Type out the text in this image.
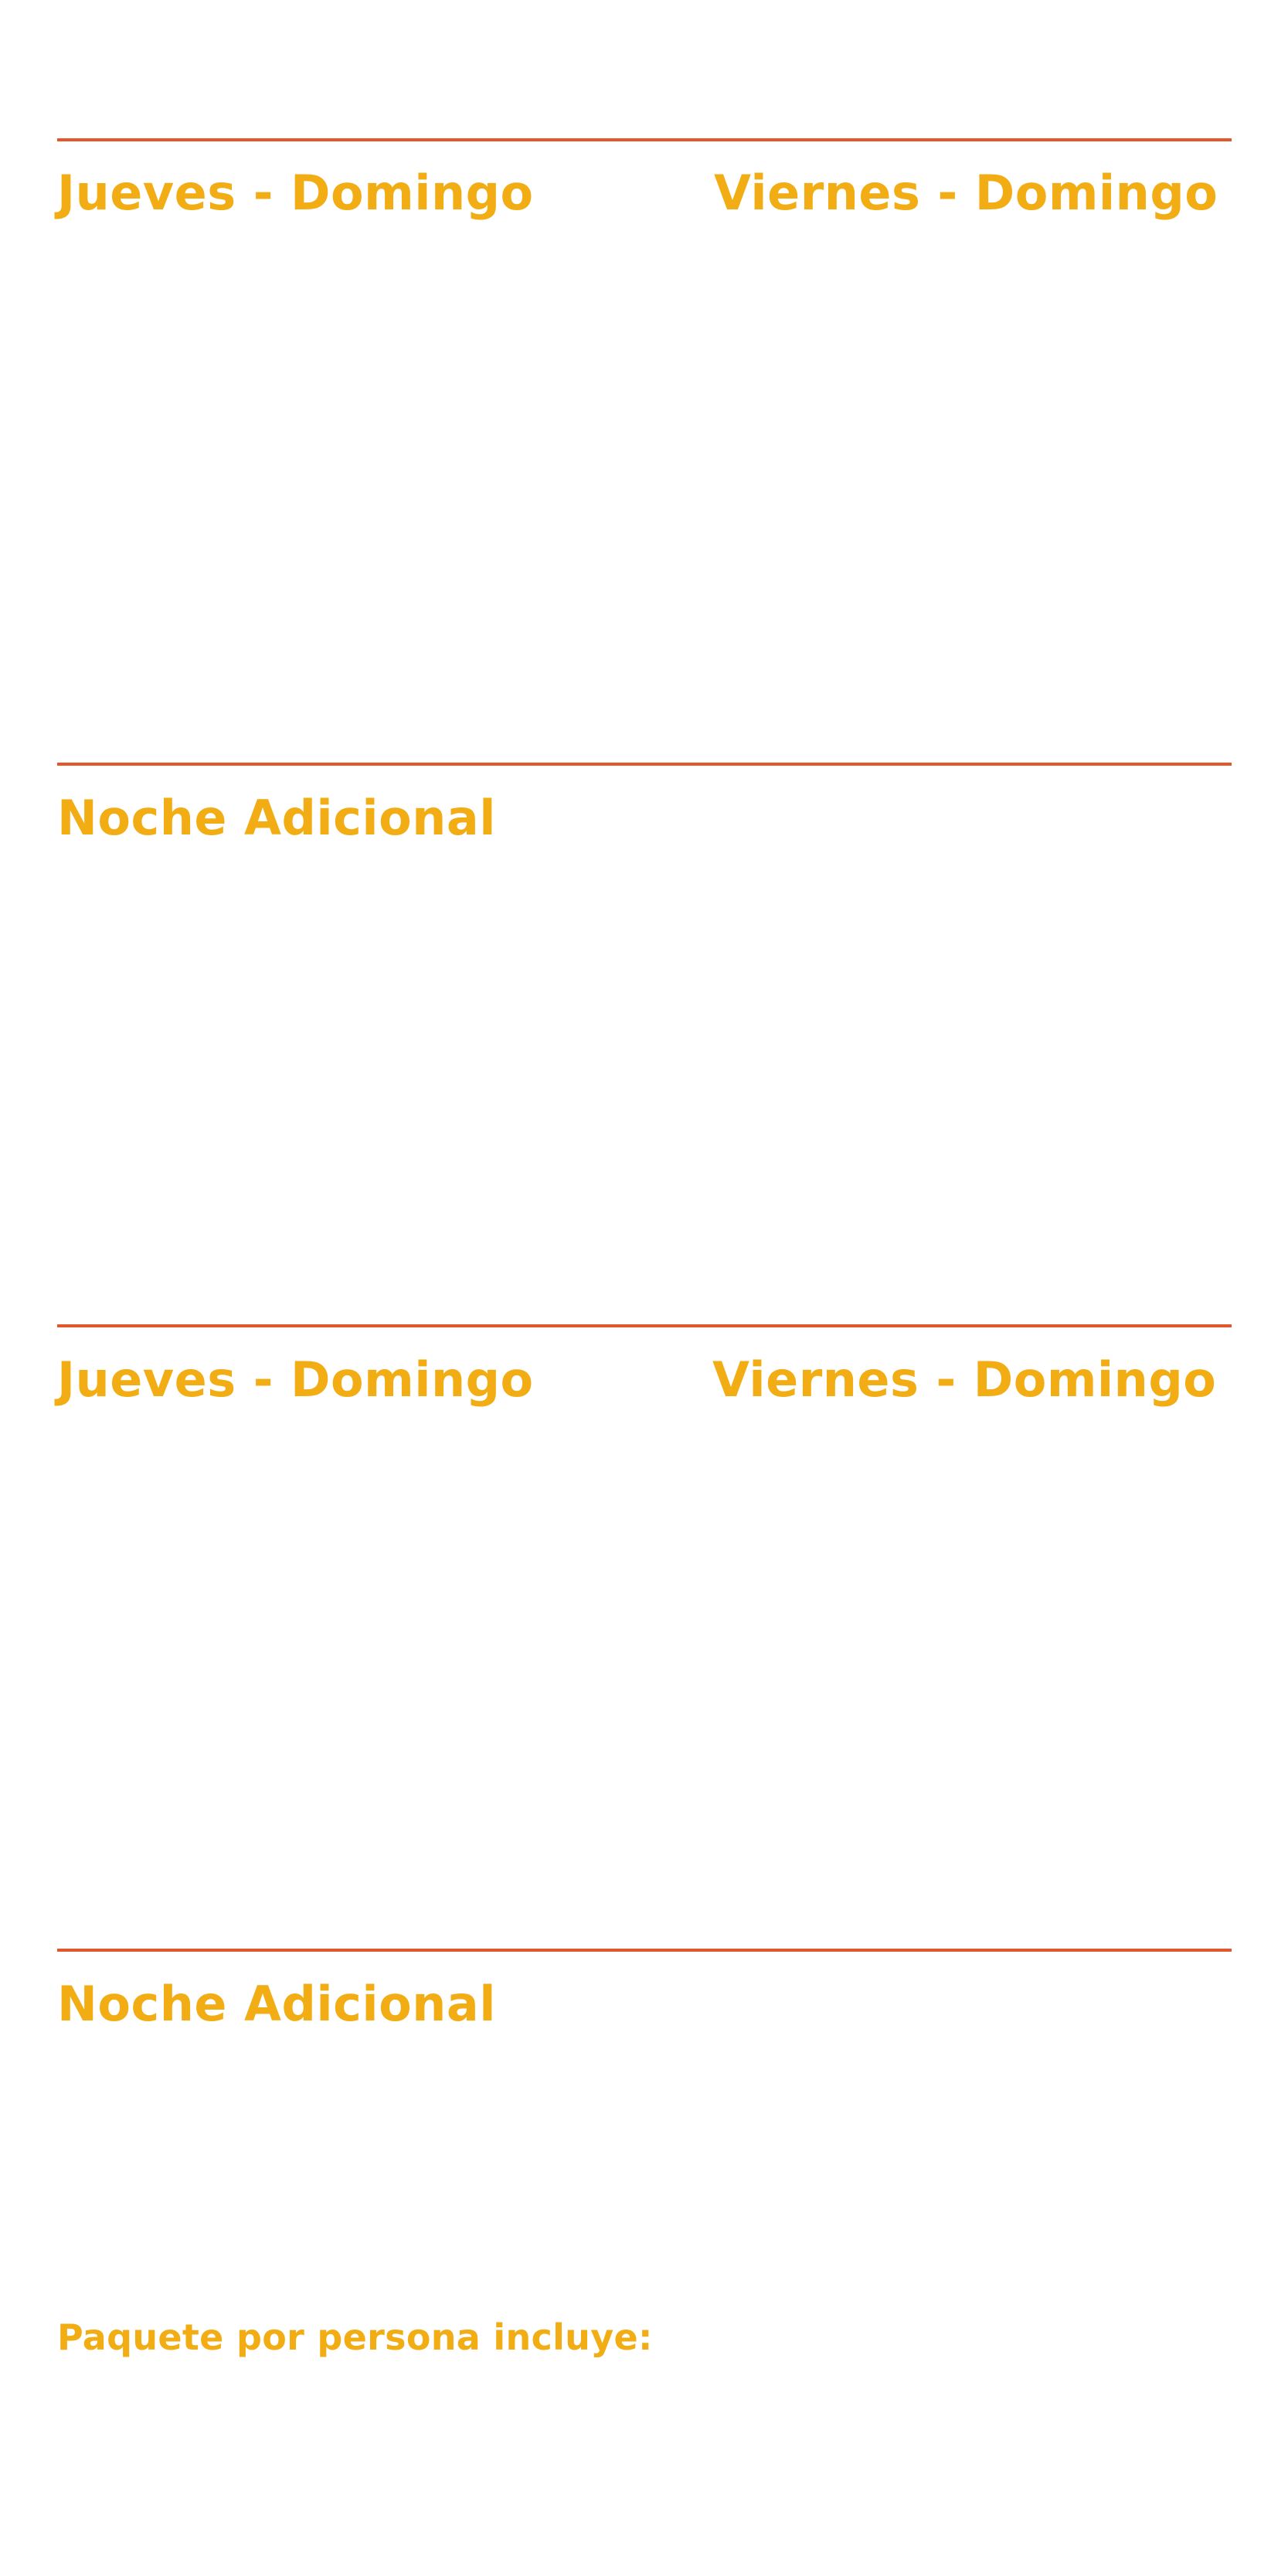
Jueves - Domingo	Viernes - Domingo
Noche Adicional
Jueves - Domingo	Viernes - Domingo
Noche Adicional
Paquete por persona incluye:
